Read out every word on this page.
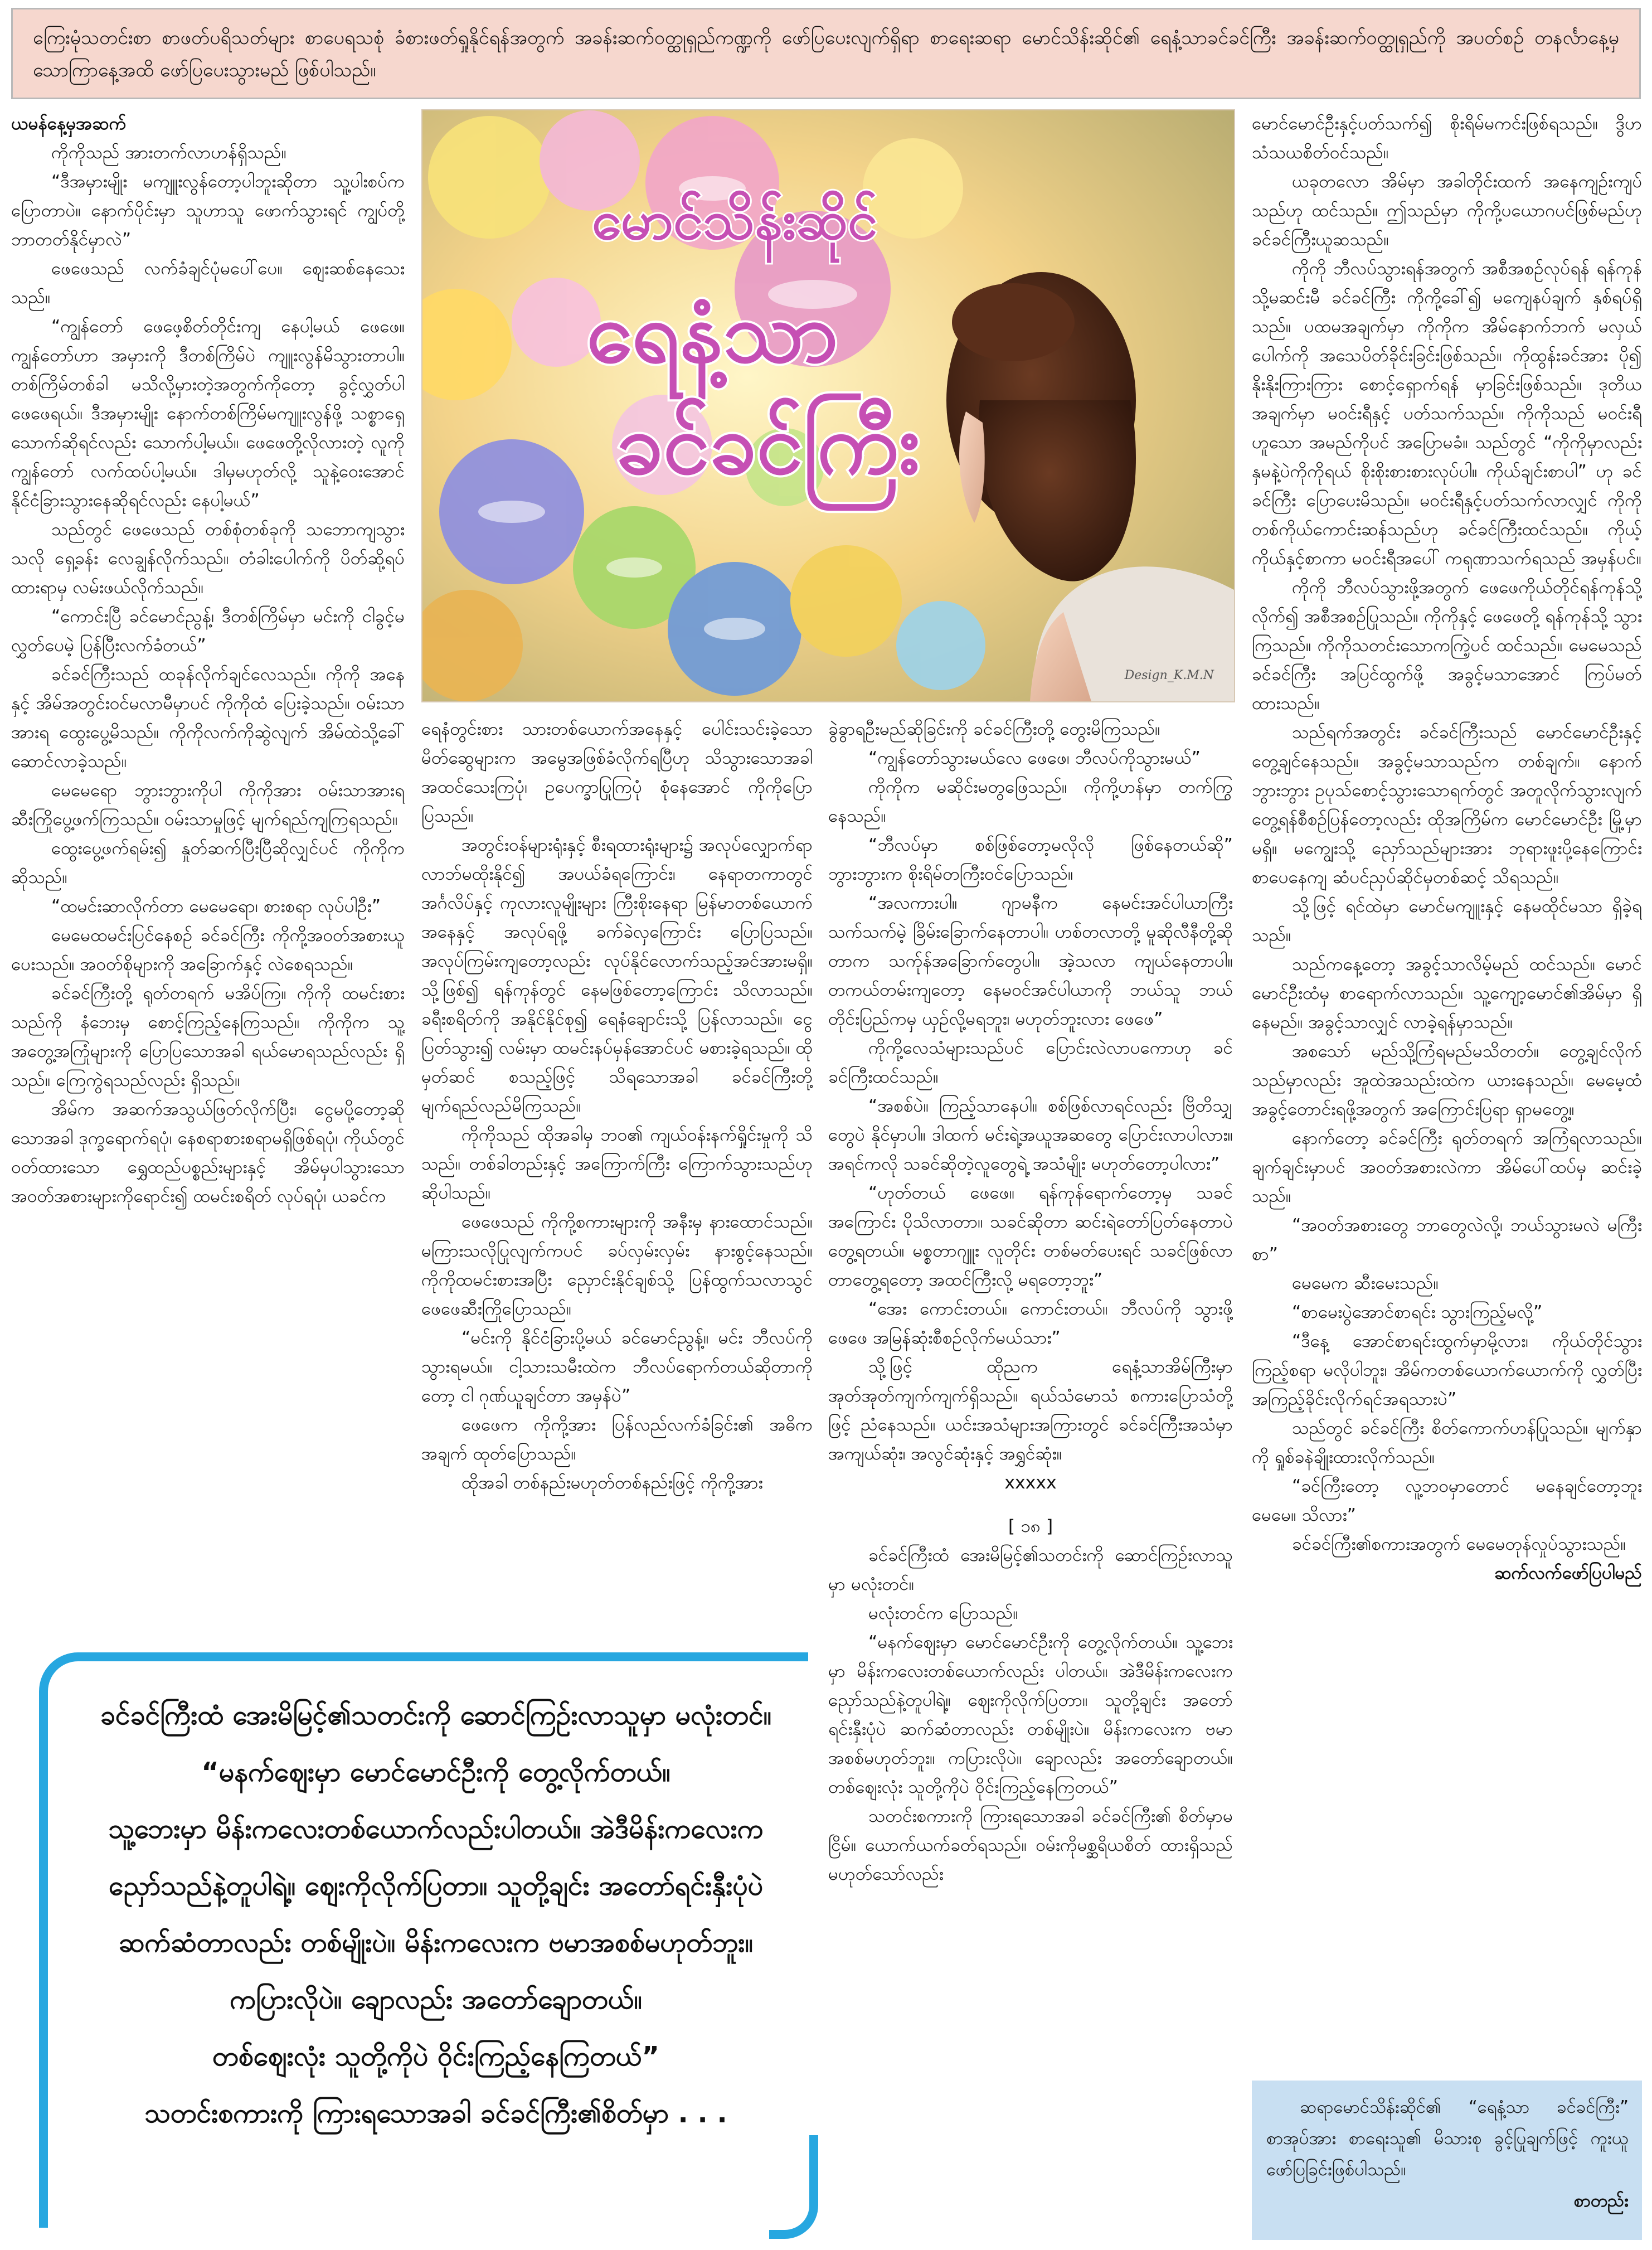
ကြေးမုံသတင်းစာ စာဖတ်ပရိသတ်များ စာပေရသစုံ ခံစားဖတ်ရှုနိုင်ရန်အတွက် အခန်းဆက်ဝတ္ထုရှည်ကဏ္ဍကို ဖော်ပြပေးလျက်ရှိရာ စာရေးဆရာ မောင်သိန်းဆိုင်၏ ရေနံ့သာခင်ခင်ကြီး အခန်းဆက်ဝတ္ထုရှည်ကို အပတ်စဉ် တနင်္လာနေ့မှ သောကြာနေ့အထိ ဖော်ပြပေးသွားမည် ဖြစ်ပါသည်။

ယမန်နေ့မှအဆက်

ကိုကိုသည် အားတက်လာဟန်ရှိသည်။

“ဒီအမှားမျိုး မကျူးလွန်တော့ပါဘူးဆိုတာ သူ့ပါးစပ်က ပြောတာပဲ။ နောက်ပိုင်းမှာ သူဟာသူ ဖောက်သွားရင် ကျွပ်တို့ ဘာတတ်နိုင်မှာလဲ”

ဖေဖေသည် လက်ခံချင်ပုံမပေါ်ပေ။ ဈေးဆစ်နေသေးသည်။

“ကျွန်တော် ဖေဖေ့စိတ်တိုင်းကျ နေပါ့မယ် ဖေဖေ။ ကျွန်တော်ဟာ အမှားကို ဒီတစ်ကြိမ်ပဲ ကျူးလွန်မိသွားတာပါ။ တစ်ကြိမ်တစ်ခါ မသိလို့မှားတဲ့အတွက်ကိုတော့ ခွင့်လွှတ်ပါ ဖေဖေရယ်။ ဒီအမှားမျိုး နောက်တစ်ကြိမ်မကျူးလွန်ဖို့ သစ္စာရှေ့ သောက်ဆိုရင်လည်း သောက်ပါ့မယ်။ ဖေဖေတို့လိုလားတဲ့ လူကို ကျွန်တော် လက်ထပ်ပါ့မယ်။ ဒါမှမဟုတ်လို့ သူနဲ့ဝေးအောင် နိုင်ငံခြားသွားနေဆိုရင်လည်း နေပါ့မယ်”

သည်တွင် ဖေဖေသည် တစ်စုံတစ်ခုကို သဘောကျသွားသလို ရှေ့ခန်း လေချွန်လိုက်သည်။ တံခါးပေါက်ကို ပိတ်ဆို့ရပ်ထားရာမှ လမ်းဖယ်လိုက်သည်။

“ကောင်းပြီ ခင်မောင်ညွန့်၊ ဒီတစ်ကြိမ်မှာ မင်းကို ငါခွင့်မလွှတ်ပေမဲ့ ပြန်ပြီးလက်ခံတယ်”

ခင်ခင်ကြီးသည် ထခုန်လိုက်ချင်လေသည်။ ကိုကို အနေနှင့် အိမ်အတွင်းဝင်မလာမီမှာပင် ကိုကိုထံ ပြေးခဲ့သည်။ ဝမ်းသာအားရ ထွေးပွေ့မိသည်။ ကိုကိုလက်ကိုဆွဲလျက် အိမ်ထဲသို့ခေါ်ဆောင်လာခဲ့သည်။

မေမေရော ဘွားဘွားကိုပါ ကိုကိုအား ဝမ်းသာအားရ ဆီးကြိုပွေ့ဖက်ကြသည်။ ဝမ်းသာမှုဖြင့် မျက်ရည်ကျကြရသည်။

ထွေးပွေ့ဖက်ရမ်း၍ နှုတ်ဆက်ပြီးပြီဆိုလျှင်ပင် ကိုကိုက ဆိုသည်။

“ထမင်းဆာလိုက်တာ မေမေရော၊ စားစရာ လုပ်ပါဦး”

မေမေထမင်းပြင်နေစဉ် ခင်ခင်ကြီး ကိုကို့အဝတ်အစားယူပေးသည်။ အဝတ်စိုများကို အခြောက်နှင့် လဲစေရသည်။

ခင်ခင်ကြီးတို့ ရုတ်တရက် မအိပ်ကြ။ ကိုကို ထမင်းစားသည်ကို နံဘေးမှ စောင့်ကြည့်နေကြသည်။ ကိုကိုက သူ့အတွေ့အကြုံများကို ပြောပြသောအခါ ရယ်မောရသည်လည်း ရှိသည်။ ကြေကွဲရသည်လည်း ရှိသည်။

အိမ်က အဆက်အသွယ်ဖြတ်လိုက်ပြီး၊ ငွေမပို့တော့ဆိုသောအခါ ဒုက္ခရောက်ရပုံ၊ နေစရာစားစရာမရှိဖြစ်ရပုံ၊ ကိုယ်တွင်ဝတ်ထားသော ရွှေထည်ပစ္စည်းများနှင့် အိမ်မှပါသွားသော အဝတ်အစားများကိုရောင်း၍ ထမင်းစရိတ် လုပ်ရပုံ၊ ယခင်က

ရေနံတွင်းစား သားတစ်ယောက်အနေနှင့် ပေါင်းသင်းခဲ့သော မိတ်ဆွေများက အမွေအဖြစ်ခံလိုက်ရပြီဟု သိသွားသောအခါ အထင်သေးကြပုံ၊ ဥပေက္ခာပြုကြပုံ စုံနေအောင် ကိုကိုပြောပြသည်။

အတွင်းဝန်များရုံးနှင့် စီးရထားရုံးများ၌ အလုပ်လျှောက်ရာ လာဘ်မထိုးနိုင်၍ အပယ်ခံရကြောင်း၊ နေရာတကာတွင် အင်္ဂလိပ်နှင့် ကုလားလူမျိုးများ ကြီးစိုးနေရာ မြန်မာတစ်ယောက်အနေနှင့် အလုပ်ရဖို့ ခက်ခဲလှကြောင်း ပြောပြသည်။ အလုပ်ကြမ်းကျတော့လည်း လုပ်နိုင်လောက်သည့်အင်အားမရှိ။ သို့ဖြစ်၍ ရန်ကုန်တွင် နေမဖြစ်တော့ကြောင်း သိလာသည်။ ခရီးစရိတ်ကို အနိုင်နိုင်စု၍ ရေနံချောင်းသို့ ပြန်လာသည်။ ငွေပြတ်သွား၍ လမ်းမှာ ထမင်းနပ်မှန်အောင်ပင် မစားခဲ့ရသည်။ ထိုမှတ်ဆင် စသည့်ဖြင့် သိရသောအခါ ခင်ခင်ကြီးတို့ မျက်ရည်လည်မိကြသည်။

ကိုကိုသည် ထိုအခါမှ ဘဝ၏ ကျယ်ဝန်းနက်ရှိုင်းမှုကို သိသည်။ တစ်ခါတည်းနှင့် အကြောက်ကြီး ကြောက်သွားသည်ဟု ဆိုပါသည်။

ဖေဖေသည် ကိုကို့စကားများကို အနီးမှ နားထောင်သည်။ မကြားသလိုပြုလျက်ကပင် ခပ်လှမ်းလှမ်း နားစွင့်နေသည်။ ကိုကိုထမင်းစားအပြီး ညှောင်းနိုင်ချစ်သို့ ပြန်ထွက်သလာသွင် ဖေဖေဆီးကြိုပြောသည်။

“မင်းကို နိုင်ငံခြားပို့မယ် ခင်မောင်ညွန့်။ မင်း ဘီလပ်ကိုသွားရမယ်။ ငါ့သားသမီးထဲက ဘီလပ်ရောက်တယ်ဆိုတာကိုတော့ ငါ ဂုဏ်ယူချင်တာ အမှန်ပဲ”

ဖေဖေက ကိုကို့အား ပြန်လည်လက်ခံခြင်း၏ အဓိကအချက် ထုတ်ပြောသည်။

ထိုအခါ တစ်နည်းမဟုတ်တစ်နည်းဖြင့် ကိုကို့အား

ခွဲခွာရဦးမည်ဆိုခြင်းကို ခင်ခင်ကြီးတို့ တွေးမိကြသည်။

“ကျွန်တော်သွားမယ်လေ ဖေဖေ၊ ဘီလပ်ကိုသွားမယ်”

ကိုကိုက မဆိုင်းမတွဖြေသည်။ ကိုကို့ဟန်မှာ တက်ကြွနေသည်။

“ဘီလပ်မှာ စစ်ဖြစ်တော့မလိုလို ဖြစ်နေတယ်ဆို” ဘွားဘွားက စိုးရိမ်တကြီးဝင်ပြောသည်။

“အလကားပါ။ ဂျာမနီက နေမင်းအင်ပါယာကြီး သက်သက်မဲ့ ခြိမ်းခြောက်နေတာပါ။ ဟစ်တလာတို့ မူဆိုလီနီတို့ဆိုတာက သက်ုန်အခြောက်တွေပါ။ အဲ့သလာ ကျယ်နေတာပါ။ တကယ်တမ်းကျတော့ နေမဝင်အင်ပါယာကို ဘယ်သူ ဘယ်တိုင်းပြည်ကမှ ယှဉ်လို့မရဘူး၊ မဟုတ်ဘူးလား ဖေဖေ”

ကိုကို့လေသံများသည်ပင် ပြောင်းလဲလာပကောဟု ခင်ခင်ကြီးထင်သည်။

“အစစ်ပဲ။ ကြည့်သာနေပါ။ စစ်ဖြစ်လာရင်လည်း ဗြိတိသျှတွေပဲ နိုင်မှာပါ။ ဒါထက် မင်းရဲ့အယူအဆတွေ ပြောင်းလာပါလား။ အရင်ကလို သခင်ဆိုတဲ့လူတွေရဲ့ အသံမျိုး မဟုတ်တော့ပါလား”

“ဟုတ်တယ် ဖေဖေ။ ရန်ကုန်ရောက်တော့မှ သခင်အကြောင်း ပိုသိလာတာ။ သခင်ဆိုတာ ဆင်းရဲတော်ပြတ်နေတာပဲတွေ့ရတယ်။ မစ္စတာဂျူး လူတိုင်း တစ်မတ်ပေးရင် သခင်ဖြစ်လာတာတွေ့ရတော့ အထင်ကြီးလို့ မရတော့ဘူး”

“အေး ကောင်းတယ်။ ကောင်းတယ်။ ဘီလပ်ကို သွားဖို့ ဖေဖေ အမြန်ဆုံးစီစဉ်လိုက်မယ်သား”

သို့ဖြင့် ထိုညက ရေနံ့သာအိမ်ကြီးမှာ အုတ်အုတ်ကျက်ကျက်ရှိသည်။ ရယ်သံမောသံ စကားပြောသံတို့ဖြင့် ညံနေသည်။ ယင်းအသံများအကြားတွင် ခင်ခင်ကြီးအသံမှာ အကျယ်ဆုံး၊ အလွင်ဆုံးနှင့် အရွှင်ဆုံး။

xxxxx

[ ၁၈ ]

ခင်ခင်ကြီးထံ အေးမိမြင့်၏သတင်းကို ဆောင်ကြဉ်းလာသူမှာ မလုံးတင်။

မလုံးတင်က ပြောသည်။

“မနက်ဈေးမှာ မောင်မောင်ဦးကို တွေ့လိုက်တယ်။ သူ့ဘေးမှာ မိန်းကလေးတစ်ယောက်လည်း ပါတယ်။ အဲဒီမိန်းကလေးက ညှော်သည်နဲ့တူပါရဲ့။ ဈေးကိုလိုက်ပြတာ။ သူတို့ချင်း အတော်ရင်းနှီးပုံပဲ ဆက်ဆံတာလည်း တစ်မျိုးပဲ။ မိန်းကလေးက ဗမာအစစ်မဟုတ်ဘူး။ ကပြားလိုပဲ။ ချောလည်း အတော်ချောတယ်။ တစ်ဈေးလုံး သူတို့ကိုပဲ ဝိုင်းကြည့်နေကြတယ်”

သတင်းစကားကို ကြားရသောအခါ ခင်ခင်ကြီး၏ စိတ်မှာမငြိမ်။ ယောက်ယက်ခတ်ရသည်။ ဝမ်းကိုမစ္ဆရိယစိတ် ထားရှိသည် မဟုတ်သော်လည်း

မောင်မောင်ဦးနှင့်ပတ်သက်၍ စိုးရိမ်မကင်းဖြစ်ရသည်။ ဒွိဟ သံသယစိတ်ဝင်သည်။

ယခုတလော အိမ်မှာ အခါတိုင်းထက် အနေကျဉ်းကျပ်သည်ဟု ထင်သည်။ ဤသည်မှာ ကိုကို့ပယောဂပင်ဖြစ်မည်ဟု ခင်ခင်ကြီးယူဆသည်။

ကိုကို ဘီလပ်သွားရန်အတွက် အစီအစဉ်လုပ်ရန် ရန်ကုန်သို့မဆင်းမီ ခင်ခင်ကြီး ကိုကို့ခေါ်၍ မကျေနပ်ချက် နှစ်ရပ်ရှိသည်။ ပထမအချက်မှာ ကိုကိုက အိမ်နောက်ဘက် မလှယ်ပေါက်ကို အသေပိတ်ခိုင်းခြင်းဖြစ်သည်။ ကိုထွန်းခင်အား ပို၍ နိုးနိုးကြားကြား စောင့်ရှောက်ရန် မှာခြင်းဖြစ်သည်။ ဒုတိယအချက်မှာ မဝင်းရီနှင့် ပတ်သက်သည်။ ကိုကိုသည် မဝင်းရီဟူသော အမည်ကိုပင် အပြောမခံ။ သည်တွင် “ကိုကိုမှာလည်း နှမနဲ့ပဲကိုကိုရယ် စိုးစိုးစားစားလုပ်ပါ။ ကိုယ်ချင်းစာပါ” ဟု ခင်ခင်ကြီး ပြောပေးမိသည်။ မဝင်းရီနှင့်ပတ်သက်လာလျှင် ကိုကို တစ်ကိုယ်ကောင်းဆန်သည်ဟု ခင်ခင်ကြီးထင်သည်။ ကိုယ့်ကိုယ်နှင့်စာကာ မဝင်းရီအပေါ် ကရုဏာသက်ရသည် အမှန်ပင်။

ကိုကို ဘီလပ်သွားဖို့အတွက် ဖေဖေကိုယ်တိုင်ရန်ကုန်သို့လိုက်၍ အစီအစဉ်ပြုသည်။ ကိုကိုနှင့် ဖေဖေတို့ ရန်ကုန်သို့ သွားကြသည်။ ကိုကိုသတင်းသောကကြဲ့ပင် ထင်သည်။ မေမေသည် ခင်ခင်ကြီး အပြင်ထွက်ဖို့ အခွင့်မသာအောင် ကြပ်မတ်ထားသည်။

သည်ရက်အတွင်း ခင်ခင်ကြီးသည် မောင်မောင်ဦးနှင့် တွေ့ချင်နေသည်။ အခွင့်မသာသည်က တစ်ချက်။ နောက် ဘွားဘွား ဥပုသ်စောင့်သွားသောရက်တွင် အတူလိုက်သွားလျက် တွေ့ရန်စီစဉ်ပြန်တော့လည်း ထိုအကြိမ်က မောင်မောင်ဦး မြို့မှာမရှိ။ မကျွေးသို့ ညှော်သည်များအား ဘုရားဖူးပို့နေကြောင်း စာပေနေကျ ဆံပင်ညှပ်ဆိုင်မှတစ်ဆင့် သိရသည်။

သို့ဖြင့် ရင်ထဲမှာ မောင်မကျူးနှင့် နေမထိုင်မသာ ရှိခဲ့ရသည်။

သည်ကနေ့တော့ အခွင့်သာလိမ့်မည် ထင်သည်။ မောင်မောင်ဦးထံမှ စာရောက်လာသည်။ သူ့ကျော့မောင်၏အိမ်မှာ ရှိနေမည်။ အခွင့်သာလျှင် လာခဲ့ရန်မှာသည်။

အစသော် မည်သို့ကြံရမည်မသိတတ်။ တွေ့ချင်လိုက်သည်မှာလည်း အူထဲအသည်းထဲက ယားနေသည်။ မေမေ့ထံ အခွင့်တောင်းရဖို့အတွက် အကြောင်းပြရာ ရှာမတွေ့။

နောက်တော့ ခင်ခင်ကြီး ရုတ်တရက် အကြံရလာသည်။ ချက်ချင်းမှာပင် အဝတ်အစားလဲကာ အိမ်ပေါ်ထပ်မှ ဆင်းခဲ့သည်။

“အဝတ်အစားတွေ ဘာတွေလဲလို့၊ ဘယ်သွားမလဲ မကြီးစာ”

မေမေက ဆီးမေးသည်။

“စာမေးပွဲအောင်စာရင်း သွားကြည့်မလို့”

“ဒီနေ့ အောင်စာရင်းထွက်မှာမို့လား၊ ကိုယ်တိုင်သွားကြည့်စရာ မလိုပါဘူး၊ အိမ်ကတစ်ယောက်ယောက်ကို လွှတ်ပြီး အကြည့်ခိုင်းလိုက်ရင်အရသားပဲ”

သည်တွင် ခင်ခင်ကြီး စိတ်ကောက်ဟန်ပြုသည်။ မျက်နှာကို ရှုစ်ခနဲချိုးထားလိုက်သည်။

“ခင်ကြီးတော့ လူ့ဘဝမှာတောင် မနေချင်တော့ဘူး မေမေ။ သိလား”

ခင်ခင်ကြီး၏စကားအတွက် မေမေတုန်လှုပ်သွားသည်။

ဆက်လက်ဖော်ပြပါမည်

မောင်သိန်းဆိုင်
ရေနံ့သာ
ခင်ခင်ကြီး
Design_K.M.N

ခင်ခင်ကြီးထံ အေးမိမြင့်၏သတင်းကို ဆောင်ကြဉ်းလာသူမှာ မလုံးတင်။

“မနက်ဈေးမှာ မောင်မောင်ဦးကို တွေ့လိုက်တယ်။

သူ့ဘေးမှာ မိန်းကလေးတစ်ယောက်လည်းပါတယ်။ အဲဒီမိန်းကလေးက

ညှော်သည်နဲ့တူပါရဲ့။ ဈေးကိုလိုက်ပြတာ။ သူတို့ချင်း အတော်ရင်းနှီးပုံပဲ

ဆက်ဆံတာလည်း တစ်မျိုးပဲ။ မိန်းကလေးက ဗမာအစစ်မဟုတ်ဘူး။

ကပြားလိုပဲ။ ချောလည်း အတော်ချောတယ်။

တစ်ဈေးလုံး သူတို့ကိုပဲ ဝိုင်းကြည့်နေကြတယ်”

သတင်းစကားကို ကြားရသောအခါ ခင်ခင်ကြီး၏စိတ်မှာ . . .	ဆရာမောင်သိန်းဆိုင်၏ “ရေနံ့သာ ခင်ခင်ကြီး” စာအုပ်အား စာရေးသူ၏ မိသားစု ခွင့်ပြုချက်ဖြင့် ကူးယူဖော်ပြခြင်းဖြစ်ပါသည်။

စာတည်း
